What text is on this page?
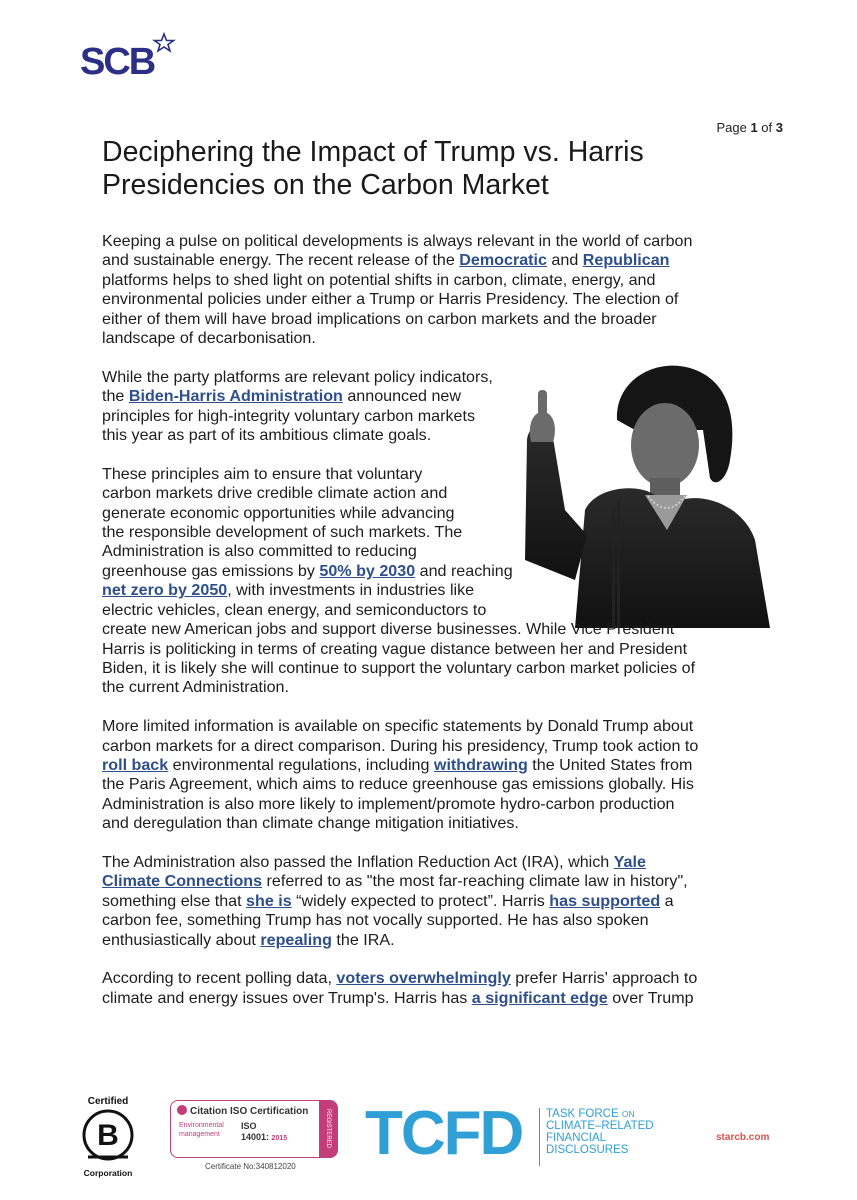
SCB
Page 1 of 3
Deciphering the Impact of Trump vs. Harris
Presidencies on the Carbon Market

Keeping a pulse on political developments is always relevant in the world of carbon
and sustainable energy. The recent release of the Democratic and Republican
platforms helps to shed light on potential shifts in carbon, climate, energy, and
environmental policies under either a Trump or Harris Presidency. The election of
either of them will have broad implications on carbon markets and the broader
landscape of decarbonisation.

While the party platforms are relevant policy indicators,
the Biden-Harris Administration announced new
principles for high-integrity voluntary carbon markets
this year as part of its ambitious climate goals.

These principles aim to ensure that voluntary
carbon markets drive credible climate action and
generate economic opportunities while advancing
the responsible development of such markets. The
Administration is also committed to reducing
greenhouse gas emissions by 50% by 2030 and reaching
net zero by 2050, with investments in industries like
electric vehicles, clean energy, and semiconductors to
create new American jobs and support diverse businesses. While Vice President
Harris is politicking in terms of creating vague distance between her and President
Biden, it is likely she will continue to support the voluntary carbon market policies of
the current Administration.

More limited information is available on specific statements by Donald Trump about
carbon markets for a direct comparison. During his presidency, Trump took action to
roll back environmental regulations, including withdrawing the United States from
the Paris Agreement, which aims to reduce greenhouse gas emissions globally. His
Administration is also more likely to implement/promote hydro-carbon production
and deregulation than climate change mitigation initiatives.

The Administration also passed the Inflation Reduction Act (IRA), which Yale
Climate Connections referred to as "the most far-reaching climate law in history",
something else that she is “widely expected to protect”. Harris has supported a
carbon fee, something Trump has not vocally supported. He has also spoken
enthusiastically about repealing the IRA.

According to recent polling data, voters overwhelmingly prefer Harris' approach to
climate and energy issues over Trump's. Harris has a significant edge over Trump

Certified
B
Corporation
Citation ISO Certification
Environmental
management
ISO
14001: 2015	REGISTERED
Certificate No:340812020 TCFD TASK FORCE ON
CLIMATE–RELATED
FINANCIAL
DISCLOSURES
starcb.com
